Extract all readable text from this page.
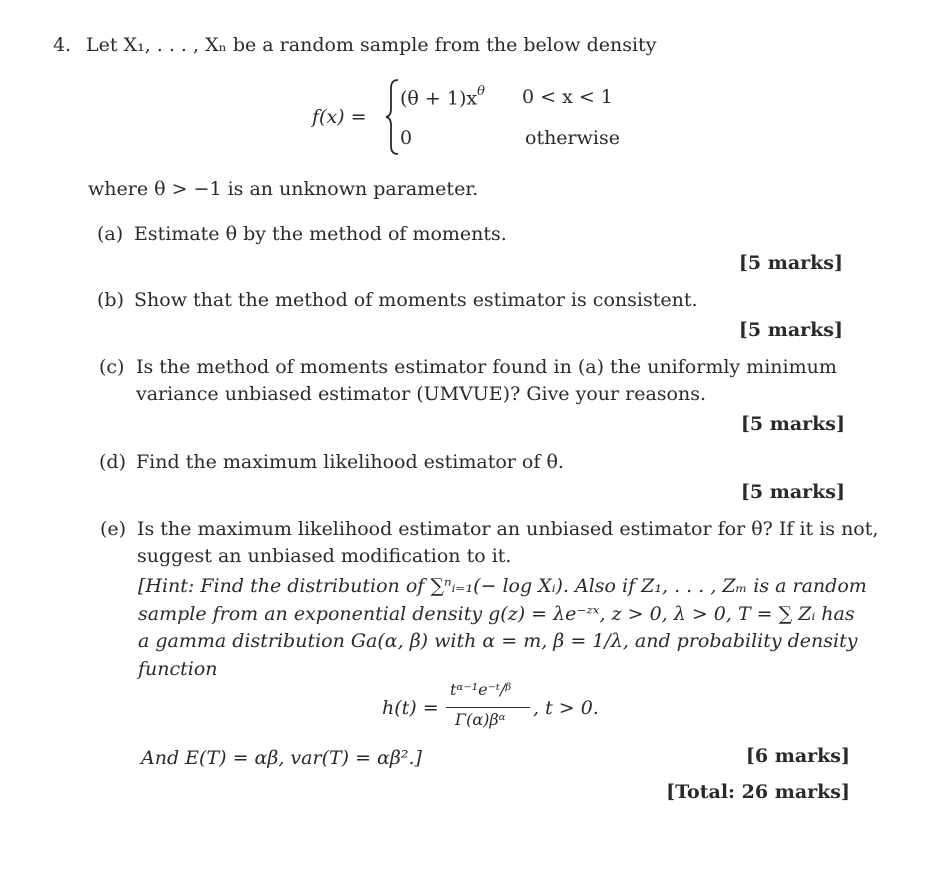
4. Let X₁, . . . , Xₙ be a random sample from the below density
f(x) =
$(\theta + 1)x^\theta$ 0 < x < 1
0	otherwise
where θ > −1 is an unknown parameter.
(a) Estimate θ by the method of moments.
[5 marks]
(b) Show that the method of moments estimator is consistent.
[5 marks]
(c) Is the method of moments estimator found in (a) the uniformly minimum
variance unbiased estimator (UMVUE)? Give your reasons.
[5 marks]
(d) Find the maximum likelihood estimator of θ.
[5 marks]
(e) Is the maximum likelihood estimator an unbiased estimator for θ? If it is not,
suggest an unbiased modification to it.
[Hint: Find the distribution of ∑ⁿᵢ₌₁(− log Xᵢ). Also if Z₁, . . . , Zₘ is a random
sample from an exponential density g(z) = λe⁻ᶻˣ, z > 0, λ > 0, T = ∑ Zᵢ has
a gamma distribution Ga(α, β) with α = m, β = 1/λ, and probability density
function
h(t) =
tᵅ⁻¹e⁻ᵗ/ᵝ
Γ(α)βᵅ
, t > 0.
And E(T) = αβ, var(T) = αβ².]	[6 marks]
[Total: 26 marks]
